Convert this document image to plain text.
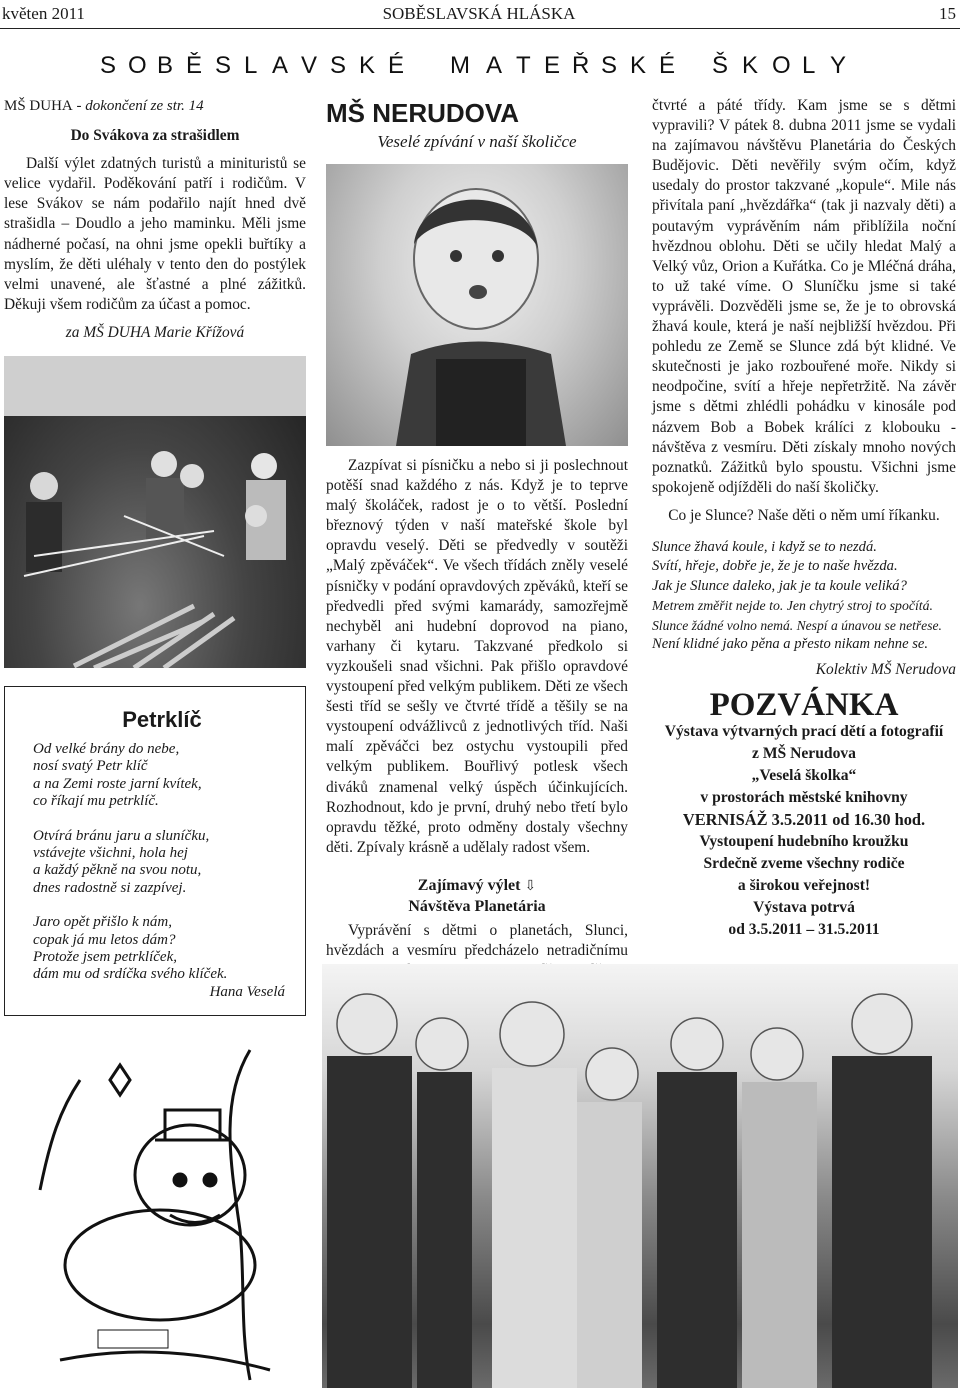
květen 2011	SOBĚSLAVSKÁ HLÁSKA	15
S O B Ě S L A V S K É M A T E Ř S K É Š K O L Y
MŠ DUHA - dokončení ze str. 14
Do Svákova za strašidlem

Další výlet zdatných turistů a minituristů se velice vydařil. Poděkování patří i rodičům. V lese Svákov se nám podařilo najít hned dvě strašidla – Doudlo a jeho maminku. Měli jsme nádherné počasí, na ohni jsme opekli buřtíky a myslím, že děti uléhaly v tento den do postýlek velmi unavené, ale šťastné a plné zážitků. Děkuji všem rodičům za účast a pomoc.

za MŠ DUHA Marie Křížová

Petrklíč

Od velké brány do nebe,
nosí svatý Petr klíč
a na Zemi roste jarní kvítek,
co říkají mu petrklíč.

Otvírá bránu jaru a sluníčku,
vstávejte všichni, hola hej
a každý pěkně na svou notu,
dnes radostně si zazpívej.

Jaro opět přišlo k nám,
copak já mu letos dám?
Protože jsem petrklíček,
dám mu od srdíčka svého klíček.

Hana Veselá
MŠ NERUDOVA
Veselé zpívání v naší školičce

Zazpívat si písničku a nebo si ji poslechnout potěší snad každého z nás. Když je to teprve malý školáček, radost je o to větší. Poslední březnový týden v naší mateřské škole byl opravdu veselý. Děti se předvedly v soutěži „Malý zpěváček“. Ve všech třídách zněly veselé písničky v podání opravdových zpěváků, kteří se předvedli před svými kamarády, samozřejmě nechyběl ani hudební doprovod na piano, varhany či kytaru. Takzvané předkolo si vyzkoušeli snad všichni. Pak přišlo opravdové vystoupení před velkým publikem. Děti ze všech šesti tříd se sešly ve čtvrté třídě a těšily se na vystoupení odvážlivců z jednotlivých tříd. Naši malí zpěváčci bez ostychu vystoupili před velkým publikem. Bouřlivý potlesk všech diváků znamenal velký úspěch účinkujících. Rozhodnout, kdo je první, druhý nebo třetí bylo opravdu těžké, proto odměny dostaly všechny děti. Zpívaly krásně a udělaly radost všem.

Zajímavý výlet ⇩
Návštěva Planetária

Vyprávění s dětmi o planetách, Slunci, hvězdách a vesmíru předcházelo netradičnímu

čtvrté a páté třídy. Kam jsme se s dětmi vypravili? V pátek 8. dubna 2011 jsme se vydali na zajímavou návštěvu Planetária do Českých Budějovic. Děti nevěřily svým očím, když usedaly do prostor takzvané „kopule“. Mile nás přivítala paní „hvězdářka“ (tak ji nazvaly děti) a poutavým vyprávěním nám přiblížila noční hvězdnou oblohu. Děti se učily hledat Malý a Velký vůz, Orion a Kuřátka. Co je Mléčná dráha, to už také víme. O Sluníčku jsme si také vyprávěli. Dozvěděli jsme se, že je to obrovská žhavá koule, která je naší nejbližší hvězdou. Při pohledu ze Země se Slunce zdá být klidné. Ve skutečnosti je jako rozbouřené moře. Nikdy si neodpočine, svítí a hřeje nepřetržitě. Na závěr jsme s dětmi zhlédli pohádku v kinosále pod názvem Bob a Bobek králíci z klobouku - návštěva z vesmíru. Děti získaly mnoho nových poznatků. Zážitků bylo spoustu. Všichni jsme spokojeně odjížděli do naší školičky.

Co je Slunce? Naše děti o něm umí říkanku.

Slunce žhavá koule, i když se to nezdá.
Svítí, hřeje, dobře je, že je to naše hvězda.
Jak je Slunce daleko, jak je ta koule veliká?
Metrem změřit nejde to. Jen chytrý stroj to spočítá.
Slunce žádné volno nemá. Nespí a únavou se netřese.
Není klidné jako pěna a přesto nikam nehne se.

Kolektiv MŠ Nerudova

POZVÁNKA
Výstava výtvarných prací dětí a fotografií
z MŠ Nerudova
„Veselá školka“
v prostorách městské knihovny
VERNISÁŽ 3.5.2011 od 16.30 hod.
Vystoupení hudebního kroužku
Srdečně zveme všechny rodiče
a širokou veřejnost!
Výstava potrvá
od 3.5.2011 – 31.5.2011
